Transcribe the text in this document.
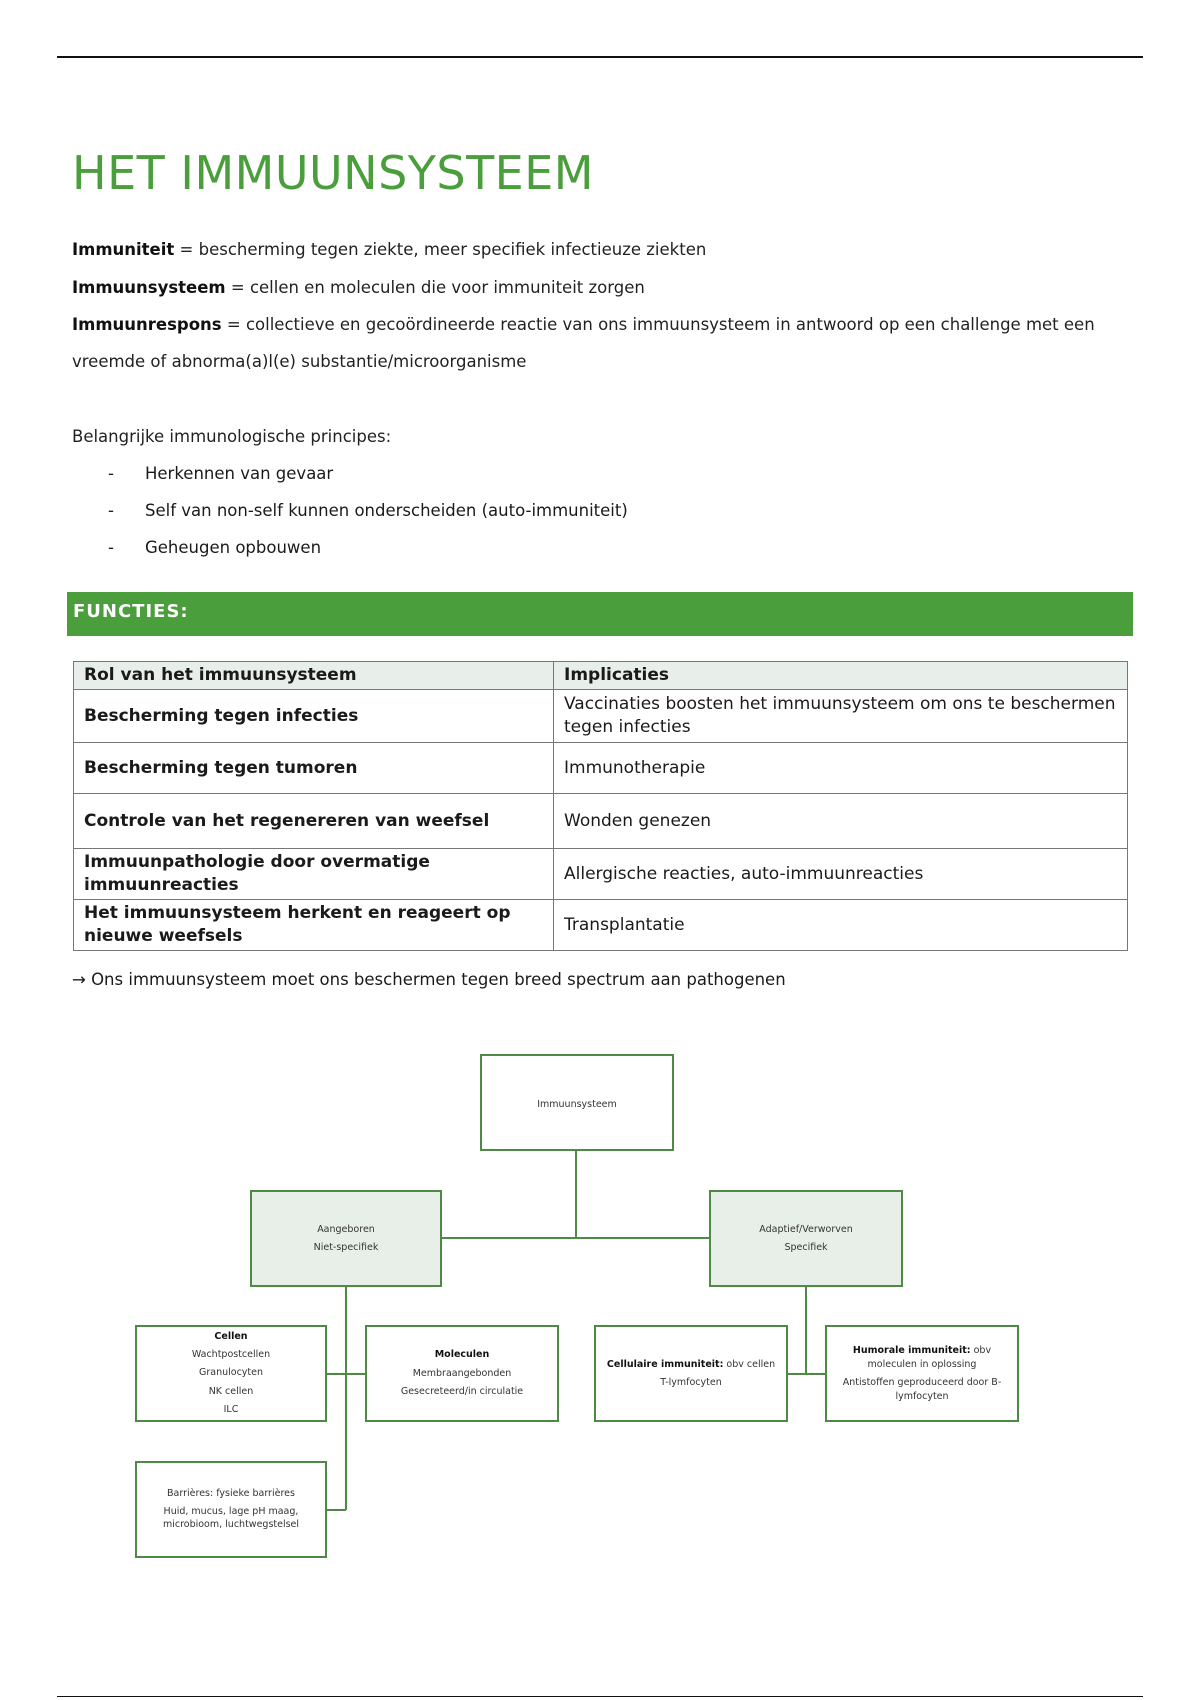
HET IMMUUNSYSTEEM
Immuniteit = bescherming tegen ziekte, meer specifiek infectieuze ziekten
Immuunsysteem = cellen en moleculen die voor immuniteit zorgen
Immuunrespons = collectieve en gecoördineerde reactie van ons immuunsysteem in antwoord op een challenge met een
vreemde of abnorma(a)l(e) substantie/microorganisme
Belangrijke immunologische principes:
- Herkennen van gevaar
- Self van non-self kunnen onderscheiden (auto-immuniteit)
- Geheugen opbouwen
FUNCTIES:
Rol van het immuunsysteem	Implicaties
Bescherming tegen infecties	Vaccinaties boosten het immuunsysteem om ons te beschermen tegen infecties
Bescherming tegen tumoren	Immunotherapie
Controle van het regenereren van weefsel	Wonden genezen
Immuunpathologie door overmatige immuunreacties	Allergische reacties, auto-immuunreacties
Het immuunsysteem herkent en reageert op nieuwe weefsels	Transplantatie
→ Ons immuunsysteem moet ons beschermen tegen breed spectrum aan pathogenen
Immuunsysteem
Aangeboren
Niet-specifiek
Adaptief/Verworven
Specifiek
Cellen
Wachtpostcellen
Granulocyten
NK cellen
ILC
Moleculen
Membraangebonden
Gesecreteerd/in circulatie
Cellulaire immuniteit: obv cellen
T-lymfocyten
Humorale immuniteit: obv
moleculen in oplossing
Antistoffen geproduceerd door B-
lymfocyten
Barrières: fysieke barrières
Huid, mucus, lage pH maag,
microbioom, luchtwegstelsel
